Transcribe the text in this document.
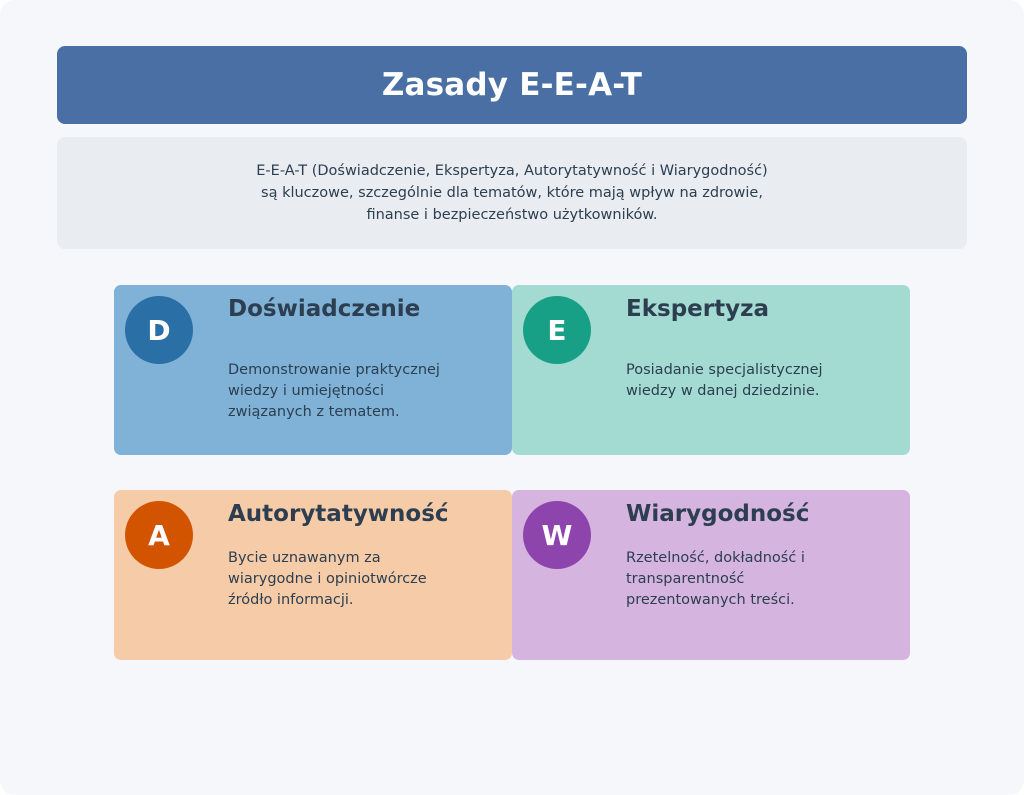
Zasady E-E-A-T

E-E-A-T (Doświadczenie, Ekspertyza, Autorytatywność i Wiarygodność) są kluczowe, szczególnie dla tematów, które mają wpływ na zdrowie, finanse i bezpieczeństwo użytkowników.

D
Doświadczenie

Demonstrowanie praktycznej wiedzy i umiejętności związanych z tematem.

E
Ekspertyza

Posiadanie specjalistycznej wiedzy w danej dziedzinie.

A
Autorytatywność

Bycie uznawanym za wiarygodne i opiniotwórcze źródło informacji.

W
Wiarygodność

Rzetelność, dokładność i transparentność prezentowanych treści.
